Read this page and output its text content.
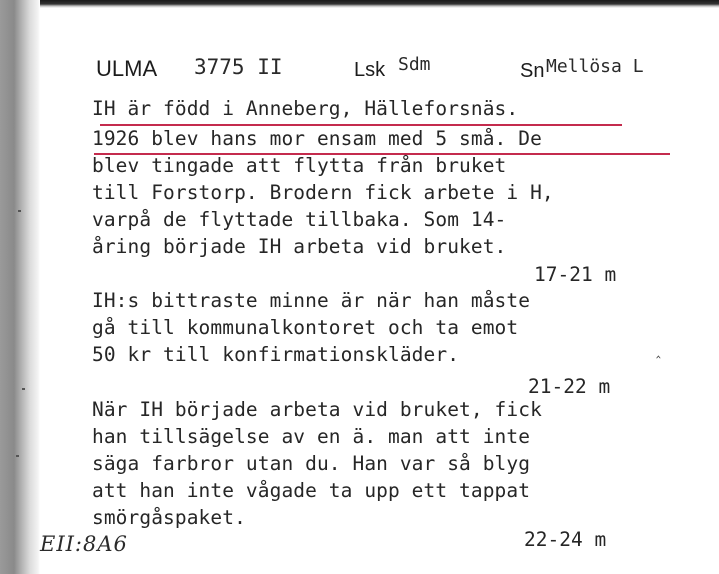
ULMA 3775 II	Lsk Sdm	Sn Mellösa L
IH är född i Anneberg, Hälleforsnäs.
1926 blev hans mor ensam med 5 små. De
blev tingade att flytta från bruket
till Forstorp. Brodern fick arbete i H,
varpå de flyttade tillbaka. Som 14-
åring började IH arbeta vid bruket.
17-21 m
IH:s bittraste minne är när han måste
gå till kommunalkontoret och ta emot
50 kr till konfirmationskläder.
21-22 m
När IH började arbeta vid bruket, fick
han tillsägelse av en ä. man att inte
säga farbror utan du. Han var så blyg
att han inte vågade ta upp ett tappat
smörgåspaket.
22-24 m
‸
EII:8A6
